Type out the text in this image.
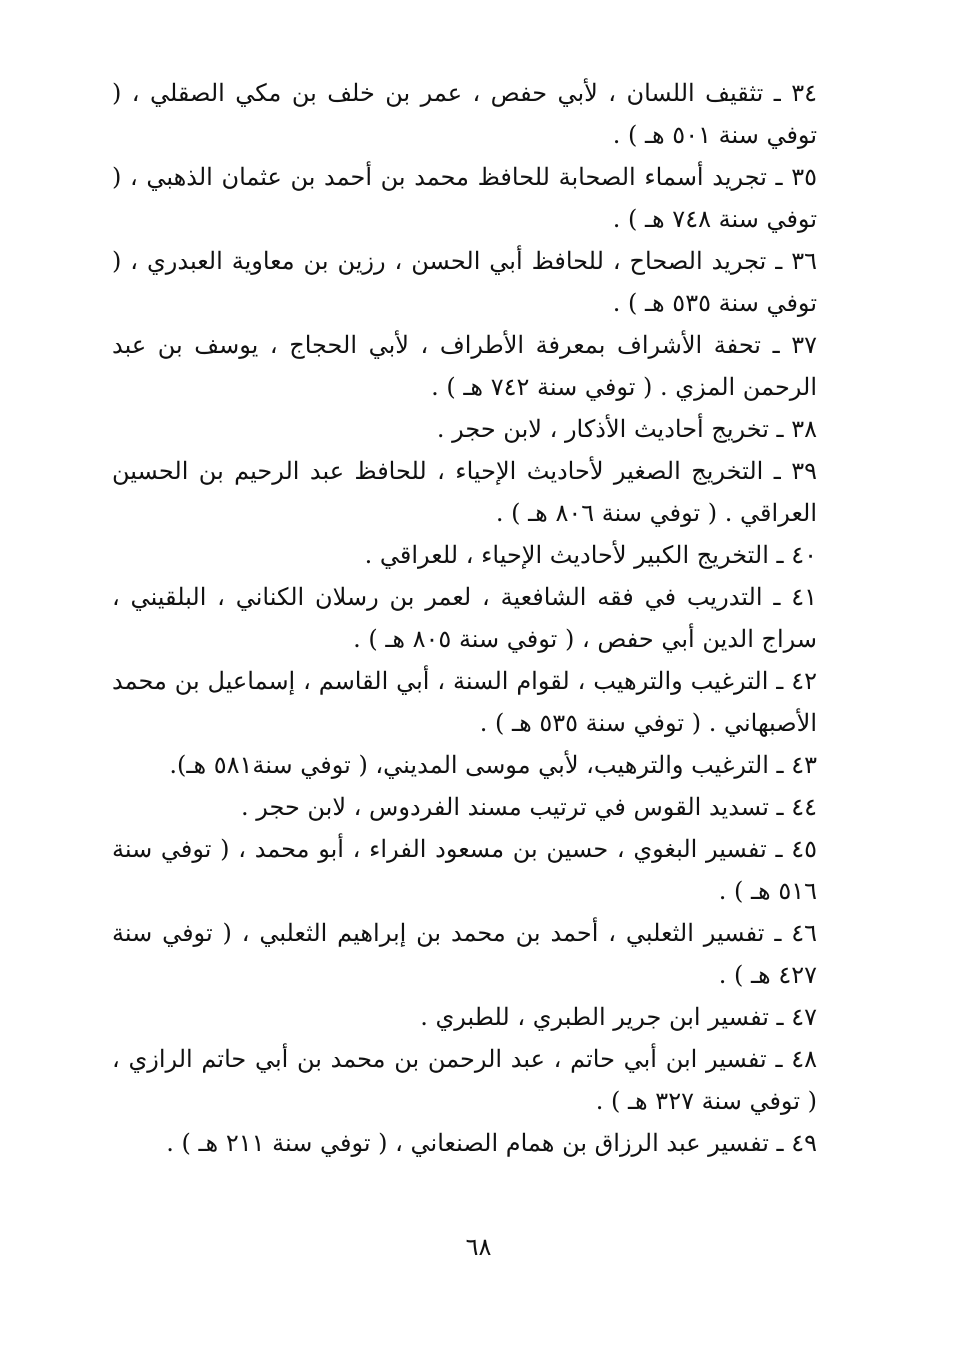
٣٤ ـ تثقيف اللسان ، لأبي حفص ، عمر بن خلف بن مكي الصقلي ، ( توفي سنة ٥٠١ هـ ) .

٣٥ ـ تجريد أسماء الصحابة للحافظ محمد بن أحمد بن عثمان الذهبي ، ( توفي سنة ٧٤٨ هـ ) .

٣٦ ـ تجريد الصحاح ، للحافظ أبي الحسن ، رزين بن معاوية العبدري ، ( توفي سنة ٥٣٥ هـ ) .

٣٧ ـ تحفة الأشراف بمعرفة الأطراف ، لأبي الحجاج ، يوسف بن عبد الرحمن المزي . ( توفي سنة ٧٤٢ هـ ) .

٣٨ ـ تخريج أحاديث الأذكار ، لابن حجر .

٣٩ ـ التخريج الصغير لأحاديث الإحياء ، للحافظ عبد الرحيم بن الحسين العراقي . ( توفي سنة ٨٠٦ هـ ) .

٤٠ ـ التخريج الكبير لأحاديث الإحياء ، للعراقي .

٤١ ـ التدريب في فقه الشافعية ، لعمر بن رسلان الكناني ، البلقيني ، سراج الدين أبي حفص ، ( توفي سنة ٨٠٥ هـ ) .

٤٢ ـ الترغيب والترهيب ، لقوام السنة ، أبي القاسم ، إسماعيل بن محمد الأصبهاني . ( توفي سنة ٥٣٥ هـ ) .

٤٣ ـ الترغيب والترهيب، لأبي موسى المديني، ( توفي سنة٥٨١ هـ).

٤٤ ـ تسديد القوس في ترتيب مسند الفردوس ، لابن حجر .

٤٥ ـ تفسير البغوي ، حسين بن مسعود الفراء ، أبو محمد ، ( توفي سنة ٥١٦ هـ ) .

٤٦ ـ تفسير الثعلبي ، أحمد بن محمد بن إبراهيم الثعلبي ، ( توفي سنة ٤٢٧ هـ ) .

٤٧ ـ تفسير ابن جرير الطبري ، للطبري .

٤٨ ـ تفسير ابن أبي حاتم ، عبد الرحمن بن محمد بن أبي حاتم الرازي ، ( توفي سنة ٣٢٧ هـ ) .

٤٩ ـ تفسير عبد الرزاق بن همام الصنعاني ، ( توفي سنة ٢١١ هـ ) .

٦٨
